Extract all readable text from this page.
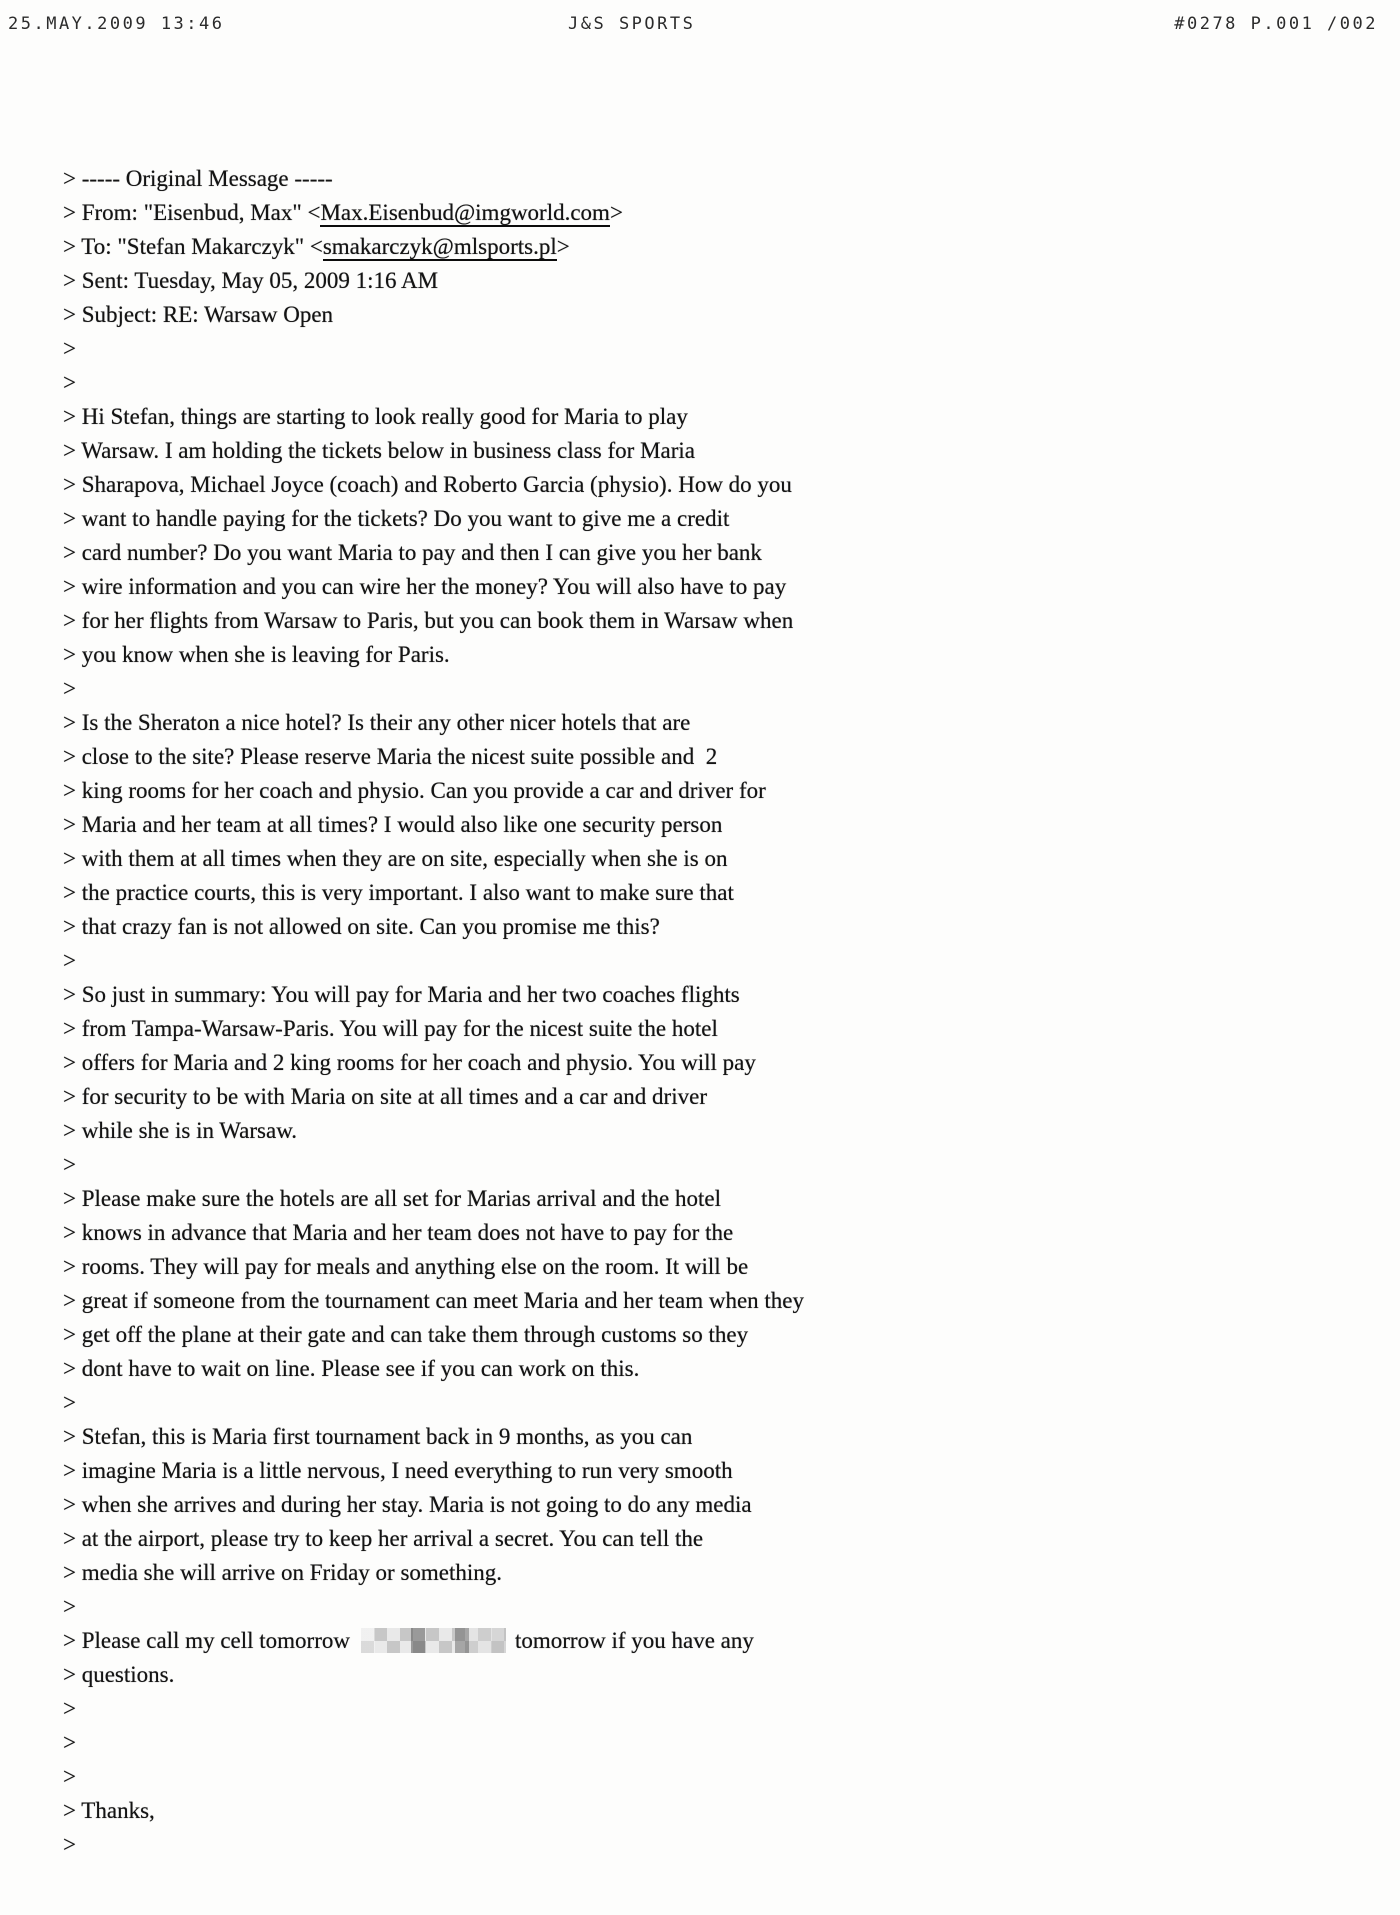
25.MAY.2009 13:46	J&S SPORTS	#0278 P.001 /002
> ----- Original Message -----
> From: "Eisenbud, Max" <Max.Eisenbud@imgworld.com>
> To: "Stefan Makarczyk" <smakarczyk@mlsports.pl>
> Sent: Tuesday, May 05, 2009 1:16 AM
> Subject: RE: Warsaw Open
>
>
> Hi Stefan, things are starting to look really good for Maria to play
> Warsaw. I am holding the tickets below in business class for Maria
> Sharapova, Michael Joyce (coach) and Roberto Garcia (physio). How do you
> want to handle paying for the tickets? Do you want to give me a credit
> card number? Do you want Maria to pay and then I can give you her bank
> wire information and you can wire her the money? You will also have to pay
> for her flights from Warsaw to Paris, but you can book them in Warsaw when
> you know when she is leaving for Paris.
>
> Is the Sheraton a nice hotel? Is their any other nicer hotels that are
> close to the site? Please reserve Maria the nicest suite possible and  2
> king rooms for her coach and physio. Can you provide a car and driver for
> Maria and her team at all times? I would also like one security person
> with them at all times when they are on site, especially when she is on
> the practice courts, this is very important. I also want to make sure that
> that crazy fan is not allowed on site. Can you promise me this?
>
> So just in summary: You will pay for Maria and her two coaches flights
> from Tampa-Warsaw-Paris. You will pay for the nicest suite the hotel
> offers for Maria and 2 king rooms for her coach and physio. You will pay
> for security to be with Maria on site at all times and a car and driver
> while she is in Warsaw.
>
> Please make sure the hotels are all set for Marias arrival and the hotel
> knows in advance that Maria and her team does not have to pay for the
> rooms. They will pay for meals and anything else on the room. It will be
> great if someone from the tournament can meet Maria and her team when they
> get off the plane at their gate and can take them through customs so they
> dont have to wait on line. Please see if you can work on this.
>
> Stefan, this is Maria first tournament back in 9 months, as you can
> imagine Maria is a little nervous, I need everything to run very smooth
> when she arrives and during her stay. Maria is not going to do any media
> at the airport, please try to keep her arrival a secret. You can tell the
> media she will arrive on Friday or something.
>
> Please call my cell tomorrow	tomorrow if you have any
> questions.
>
>
>
> Thanks,
>
